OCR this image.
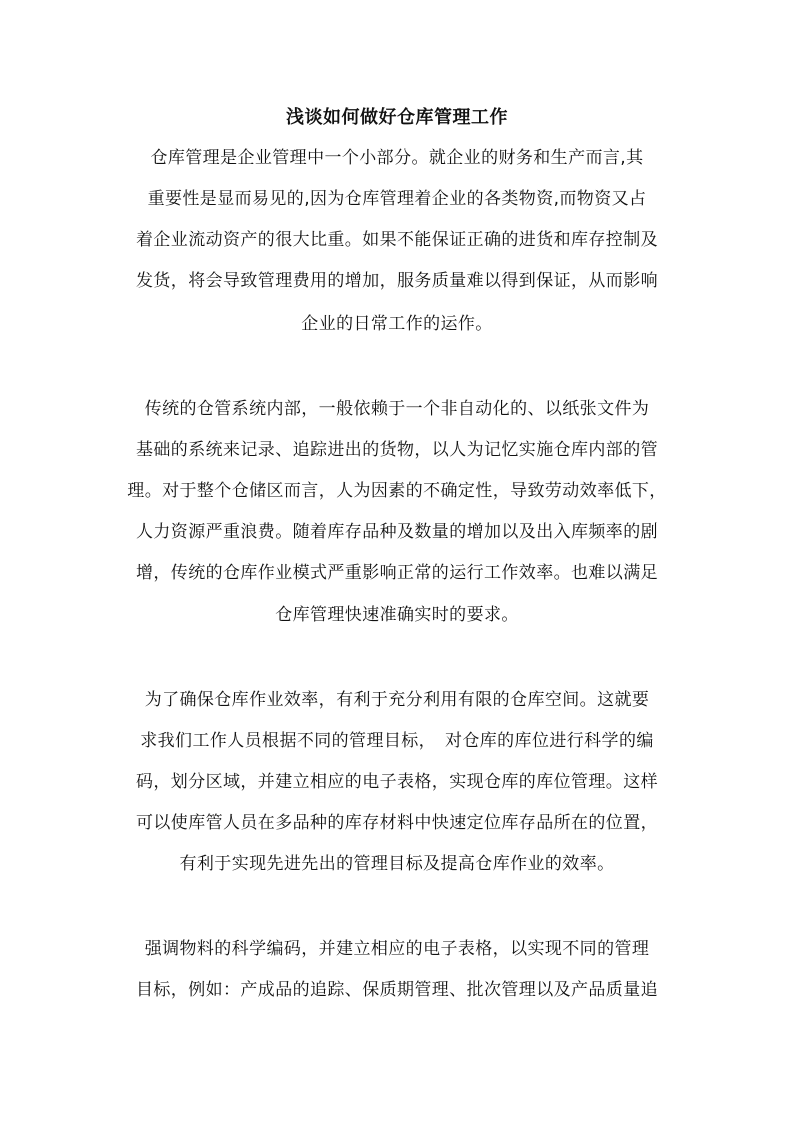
浅谈如何做好仓库管理工作
仓库管理是企业管理中一个小部分。就企业的财务和生产而言,其
重要性是显而易见的,因为仓库管理着企业的各类物资,而物资又占
着企业流动资产的很大比重。如果不能保证正确的进货和库存控制及
发货，将会导致管理费用的增加，服务质量难以得到保证，从而影响
企业的日常工作的运作。
传统的仓管系统内部，一般依赖于一个非自动化的、以纸张文件为
基础的系统来记录、追踪进出的货物，以人为记忆实施仓库内部的管
理。对于整个仓储区而言，人为因素的不确定性，导致劳动效率低下，
人力资源严重浪费。随着库存品种及数量的增加以及出入库频率的剧
增，传统的仓库作业模式严重影响正常的运行工作效率。也难以满足
仓库管理快速准确实时的要求。
为了确保仓库作业效率，有利于充分利用有限的仓库空间。这就要
求我们工作人员根据不同的管理目标，　对仓库的库位进行科学的编
码，划分区域，并建立相应的电子表格，实现仓库的库位管理。这样
可以使库管人员在多品种的库存材料中快速定位库存品所在的位置，
有利于实现先进先出的管理目标及提高仓库作业的效率。
强调物料的科学编码，并建立相应的电子表格，以实现不同的管理
目标，例如：产成品的追踪、保质期管理、批次管理以及产品质量追
